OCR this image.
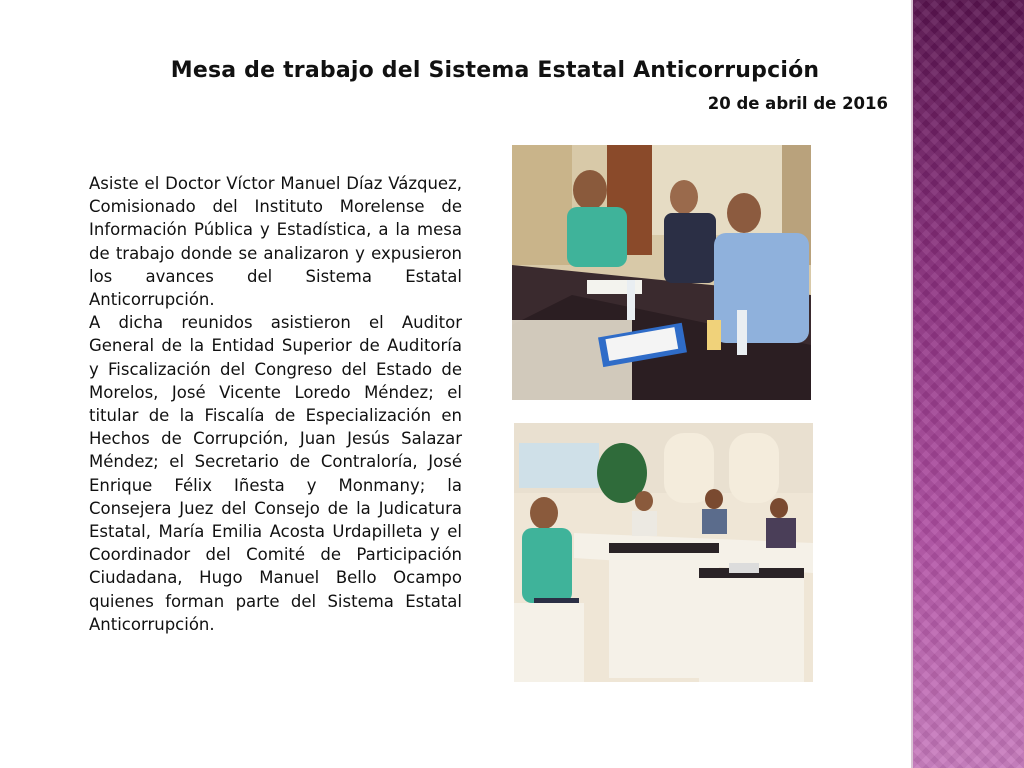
Mesa de trabajo del Sistema Estatal Anticorrupción
20 de abril de 2016

Asiste el Doctor Víctor Manuel Díaz Vázquez, Comisionado del Instituto Morelense de Información Pública y Estadística, a la mesa de trabajo donde se analizaron y expusieron los avances del Sistema Estatal Anticorrupción.

A dicha reunidos asistieron el Auditor General de la Entidad Superior de Auditoría y Fiscalización del Congreso del Estado de Morelos, José Vicente Loredo Méndez; el titular de la Fiscalía de Especialización en Hechos de Corrupción, Juan Jesús Salazar Méndez; el Secretario de Contraloría, José Enrique Félix Iñesta y Monmany; la Consejera Juez del Consejo de la Judicatura Estatal, María Emilia Acosta Urdapilleta y el Coordinador del Comité de Participación Ciudadana, Hugo Manuel Bello Ocampo quienes forman parte del Sistema Estatal Anticorrupción.
